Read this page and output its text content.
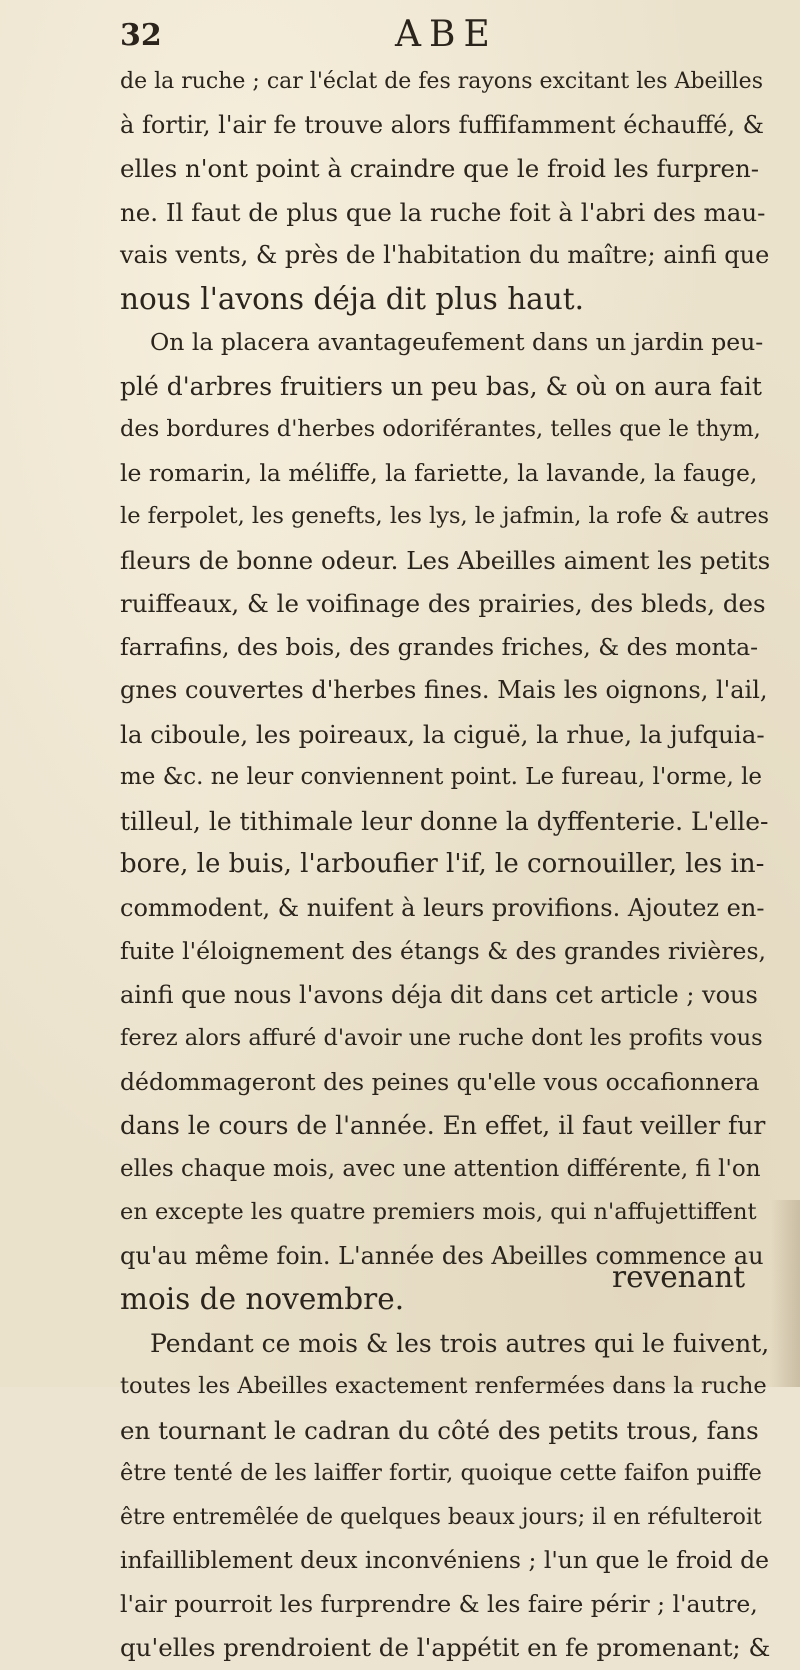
32	ABE
de la ruche ; car l'éclat de fes rayons excitant les Abeilles
à fortir, l'air fe trouve alors fuffifamment échauffé, &
elles n'ont point à craindre que le froid les furpren-
ne. Il faut de plus que la ruche foit à l'abri des mau-
vais vents, & près de l'habitation du maître; ainfi que
nous l'avons déja dit plus haut.
On la placera avantageufement dans un jardin peu-
plé d'arbres fruitiers un peu bas, & où on aura fait
des bordures d'herbes odoriférantes, telles que le thym,
le romarin, la méliffe, la fariette, la lavande, la fauge,
le ferpolet, les genefts, les lys, le jafmin, la rofe & autres
fleurs de bonne odeur. Les Abeilles aiment les petits
ruiffeaux, & le voifinage des prairies, des bleds, des
farrafins, des bois, des grandes friches, & des monta-
gnes couvertes d'herbes fines. Mais les oignons, l'ail,
la ciboule, les poireaux, la ciguë, la rhue, la jufquia-
me &c. ne leur conviennent point. Le fureau, l'orme, le
tilleul, le tithimale leur donne la dyffenterie. L'elle-
bore, le buis, l'arboufier l'if, le cornouiller, les in-
commodent, & nuifent à leurs provifions. Ajoutez en-
fuite l'éloignement des étangs & des grandes rivières,
ainfi que nous l'avons déja dit dans cet article ; vous
ferez alors affuré d'avoir une ruche dont les profits vous
dédommageront des peines qu'elle vous occafionnera
dans le cours de l'année. En effet, il faut veiller fur
elles chaque mois, avec une attention différente, fi l'on
en excepte les quatre premiers mois, qui n'affujettiffent
qu'au même foin. L'année des Abeilles commence au
mois de novembre.
Pendant ce mois & les trois autres qui le fuivent,
toutes les Abeilles exactement renfermées dans la ruche
en tournant le cadran du côté des petits trous, fans
être tenté de les laiffer fortir, quoique cette faifon puiffe
être entremêlée de quelques beaux jours; il en réfulteroit
infailliblement deux inconvéniens ; l'un que le froid de
l'air pourroit les furprendre & les faire périr ; l'autre,
qu'elles prendroient de l'appétit en fe promenant; &
revenant
